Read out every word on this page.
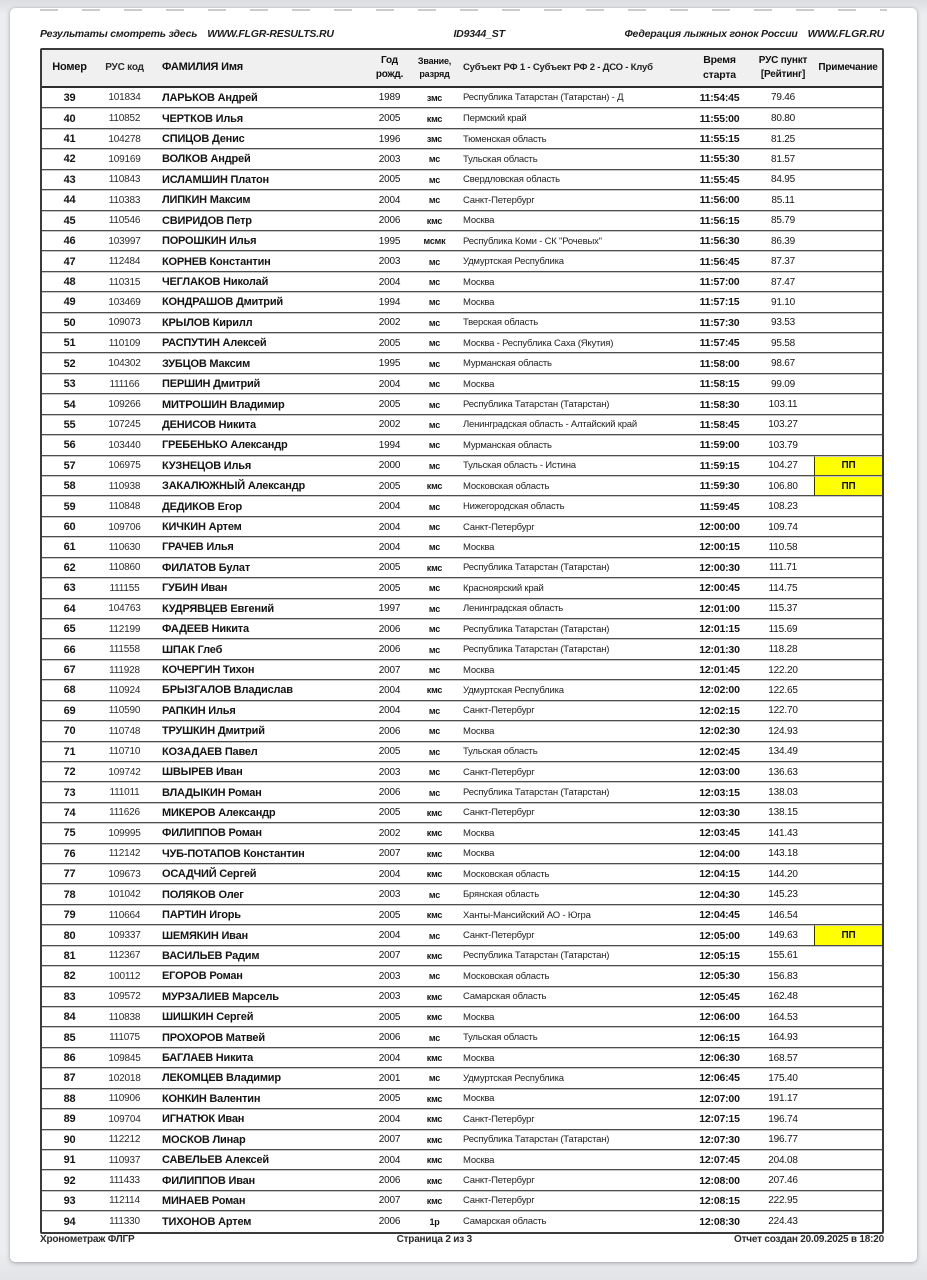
Результаты смотреть здесь WWW.FLGR-RESULTS.RU	ID9344_ST	Федерация лыжных гонок России WWW.FLGR.RU
Номер	РУС код	ФАМИЛИЯ Имя	Год
рожд.	Звание,
разряд	Субъект РФ 1 - Субъект РФ 2 - ДСО - Клуб	Время
старта	РУС пункт
[Рейтинг]	Примечание
39	101834	ЛАРЬКОВ Андрей	1989	змс	Республика Татарстан (Татарстан) - Д	11:54:45	79.46	
40	110852	ЧЕРТКОВ Илья	2005	кмс	Пермский край	11:55:00	80.80	
41	104278	СПИЦОВ Денис	1996	змс	Тюменская область	11:55:15	81.25	
42	109169	ВОЛКОВ Андрей	2003	мс	Тульская область	11:55:30	81.57	
43	110843	ИСЛАМШИН Платон	2005	мс	Свердловская область	11:55:45	84.95	
44	110383	ЛИПКИН Максим	2004	мс	Санкт-Петербург	11:56:00	85.11	
45	110546	СВИРИДОВ Петр	2006	кмс	Москва	11:56:15	85.79	
46	103997	ПОРОШКИН Илья	1995	мсмк	Республика Коми - СК "Рочевых"	11:56:30	86.39	
47	112484	КОРНЕВ Константин	2003	мс	Удмуртская Республика	11:56:45	87.37	
48	110315	ЧЕГЛАКОВ Николай	2004	мс	Москва	11:57:00	87.47	
49	103469	КОНДРАШОВ Дмитрий	1994	мс	Москва	11:57:15	91.10	
50	109073	КРЫЛОВ Кирилл	2002	мс	Тверская область	11:57:30	93.53	
51	110109	РАСПУТИН Алексей	2005	мс	Москва - Республика Саха (Якутия)	11:57:45	95.58	
52	104302	ЗУБЦОВ Максим	1995	мс	Мурманская область	11:58:00	98.67	
53	111166	ПЕРШИН Дмитрий	2004	мс	Москва	11:58:15	99.09	
54	109266	МИТРОШИН Владимир	2005	мс	Республика Татарстан (Татарстан)	11:58:30	103.11	
55	107245	ДЕНИСОВ Никита	2002	мс	Ленинградская область - Алтайский край	11:58:45	103.27	
56	103440	ГРЕБЕНЬКО Александр	1994	мс	Мурманская область	11:59:00	103.79	
57	106975	КУЗНЕЦОВ Илья	2000	мс	Тульская область - Истина	11:59:15	104.27	ПП
58	110938	ЗАКАЛЮЖНЫЙ Александр	2005	кмс	Московская область	11:59:30	106.80	ПП
59	110848	ДЕДИКОВ Егор	2004	мс	Нижегородская область	11:59:45	108.23	
60	109706	КИЧКИН Артем	2004	мс	Санкт-Петербург	12:00:00	109.74	
61	110630	ГРАЧЕВ Илья	2004	мс	Москва	12:00:15	110.58	
62	110860	ФИЛАТОВ Булат	2005	кмс	Республика Татарстан (Татарстан)	12:00:30	111.71	
63	111155	ГУБИН Иван	2005	мс	Красноярский край	12:00:45	114.75	
64	104763	КУДРЯВЦЕВ Евгений	1997	мс	Ленинградская область	12:01:00	115.37	
65	112199	ФАДЕЕВ Никита	2006	мс	Республика Татарстан (Татарстан)	12:01:15	115.69	
66	111558	ШПАК Глеб	2006	мс	Республика Татарстан (Татарстан)	12:01:30	118.28	
67	111928	КОЧЕРГИН Тихон	2007	мс	Москва	12:01:45	122.20	
68	110924	БРЫЗГАЛОВ Владислав	2004	кмс	Удмуртская Республика	12:02:00	122.65	
69	110590	РАПКИН Илья	2004	мс	Санкт-Петербург	12:02:15	122.70	
70	110748	ТРУШКИН Дмитрий	2006	мс	Москва	12:02:30	124.93	
71	110710	КОЗАДАЕВ Павел	2005	мс	Тульская область	12:02:45	134.49	
72	109742	ШВЫРЕВ Иван	2003	мс	Санкт-Петербург	12:03:00	136.63	
73	111011	ВЛАДЫКИН Роман	2006	мс	Республика Татарстан (Татарстан)	12:03:15	138.03	
74	111626	МИКЕРОВ Александр	2005	кмс	Санкт-Петербург	12:03:30	138.15	
75	109995	ФИЛИППОВ Роман	2002	кмс	Москва	12:03:45	141.43	
76	112142	ЧУБ-ПОТАПОВ Константин	2007	кмс	Москва	12:04:00	143.18	
77	109673	ОСАДЧИЙ Сергей	2004	кмс	Московская область	12:04:15	144.20	
78	101042	ПОЛЯКОВ Олег	2003	мс	Брянская область	12:04:30	145.23	
79	110664	ПАРТИН Игорь	2005	кмс	Ханты-Мансийский АО - Югра	12:04:45	146.54	
80	109337	ШЕМЯКИН Иван	2004	мс	Санкт-Петербург	12:05:00	149.63	ПП
81	112367	ВАСИЛЬЕВ Радим	2007	кмс	Республика Татарстан (Татарстан)	12:05:15	155.61	
82	100112	ЕГОРОВ Роман	2003	мс	Московская область	12:05:30	156.83	
83	109572	МУРЗАЛИЕВ Марсель	2003	кмс	Самарская область	12:05:45	162.48	
84	110838	ШИШКИН Сергей	2005	кмс	Москва	12:06:00	164.53	
85	111075	ПРОХОРОВ Матвей	2006	мс	Тульская область	12:06:15	164.93	
86	109845	БАГЛАЕВ Никита	2004	кмс	Москва	12:06:30	168.57	
87	102018	ЛЕКОМЦЕВ Владимир	2001	мс	Удмуртская Республика	12:06:45	175.40	
88	110906	КОНКИН Валентин	2005	кмс	Москва	12:07:00	191.17	
89	109704	ИГНАТЮК Иван	2004	кмс	Санкт-Петербург	12:07:15	196.74	
90	112212	МОСКОВ Линар	2007	кмс	Республика Татарстан (Татарстан)	12:07:30	196.77	
91	110937	САВЕЛЬЕВ Алексей	2004	кмс	Москва	12:07:45	204.08	
92	111433	ФИЛИППОВ Иван	2006	кмс	Санкт-Петербург	12:08:00	207.46	
93	112114	МИНАЕВ Роман	2007	кмс	Санкт-Петербург	12:08:15	222.95	
94	111330	ТИХОНОВ Артем	2006	1р	Самарская область	12:08:30	224.43	
Хронометраж ФЛГР	Страница 2 из 3	Отчет создан 20.09.2025 в 18:20
